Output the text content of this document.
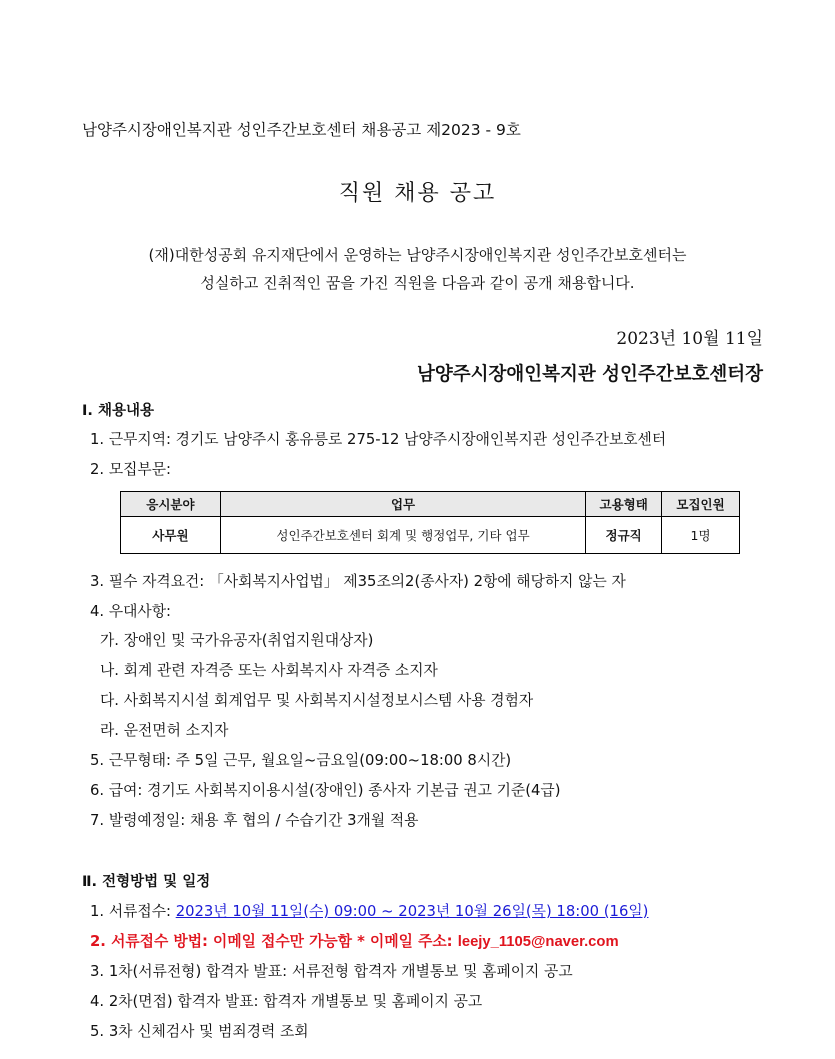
남양주시장애인복지관 성인주간보호센터 채용공고 제2023 - 9호
직원 채용 공고
(재)대한성공회 유지재단에서 운영하는 남양주시장애인복지관 성인주간보호센터는
성실하고 진취적인 꿈을 가진 직원을 다음과 같이 공개 채용합니다.
2023년 10월 11일
남양주시장애인복지관 성인주간보호센터장
Ⅰ. 채용내용
1. 근무지역: 경기도 남양주시 홍유릉로 275-12 남양주시장애인복지관 성인주간보호센터
2. 모집부문:
응시분야	업무	고용형태	모집인원
사무원	성인주간보호센터 회계 및 행정업무, 기타 업무	정규직	1명
3. 필수 자격요건: 「사회복지사업법」 제35조의2(종사자) 2항에 해당하지 않는 자
4. 우대사항:
가. 장애인 및 국가유공자(취업지원대상자)
나. 회계 관련 자격증 또는 사회복지사 자격증 소지자
다. 사회복지시설 회계업무 및 사회복지시설정보시스템 사용 경험자
라. 운전면허 소지자
5. 근무형태: 주 5일 근무, 월요일~금요일(09:00~18:00 8시간)
6. 급여: 경기도 사회복지이용시설(장애인) 종사자 기본급 권고 기준(4급)
7. 발령예정일: 채용 후 협의 / 수습기간 3개월 적용
Ⅱ. 전형방법 및 일정
1. 서류접수: 2023년 10월 11일(수) 09:00 ~ 2023년 10월 26일(목) 18:00 (16일)
2. 서류접수 방법: 이메일 접수만 가능함 * 이메일 주소: leejy_1105@naver.com
3. 1차(서류전형) 합격자 발표: 서류전형 합격자 개별통보 및 홈페이지 공고
4. 2차(면접) 합격자 발표: 합격자 개별통보 및 홈페이지 공고
5. 3차 신체검사 및 범죄경력 조회
